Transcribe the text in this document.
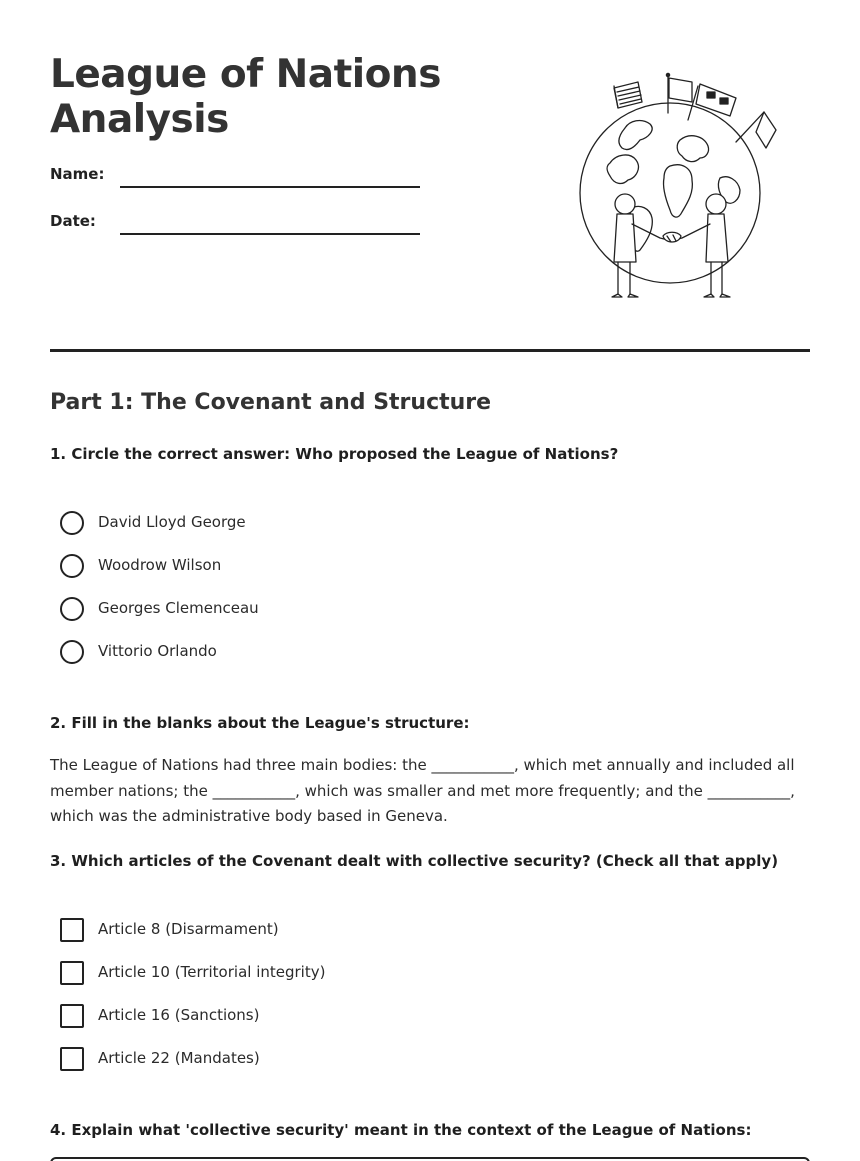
League of Nations
Analysis
Name:
Date:
Part 1: The Covenant and Structure
1. Circle the correct answer: Who proposed the League of Nations?
David Lloyd George
Woodrow Wilson
Georges Clemenceau
Vittorio Orlando
2. Fill in the blanks about the League's structure:
The League of Nations had three main bodies: the ___________, which met annually and included all member nations; the ___________, which was smaller and met more frequently; and the ___________, which was the administrative body based in Geneva.
3. Which articles of the Covenant dealt with collective security? (Check all that apply)
Article 8 (Disarmament)
Article 10 (Territorial integrity)
Article 16 (Sanctions)
Article 22 (Mandates)
4. Explain what 'collective security' meant in the context of the League of Nations:
